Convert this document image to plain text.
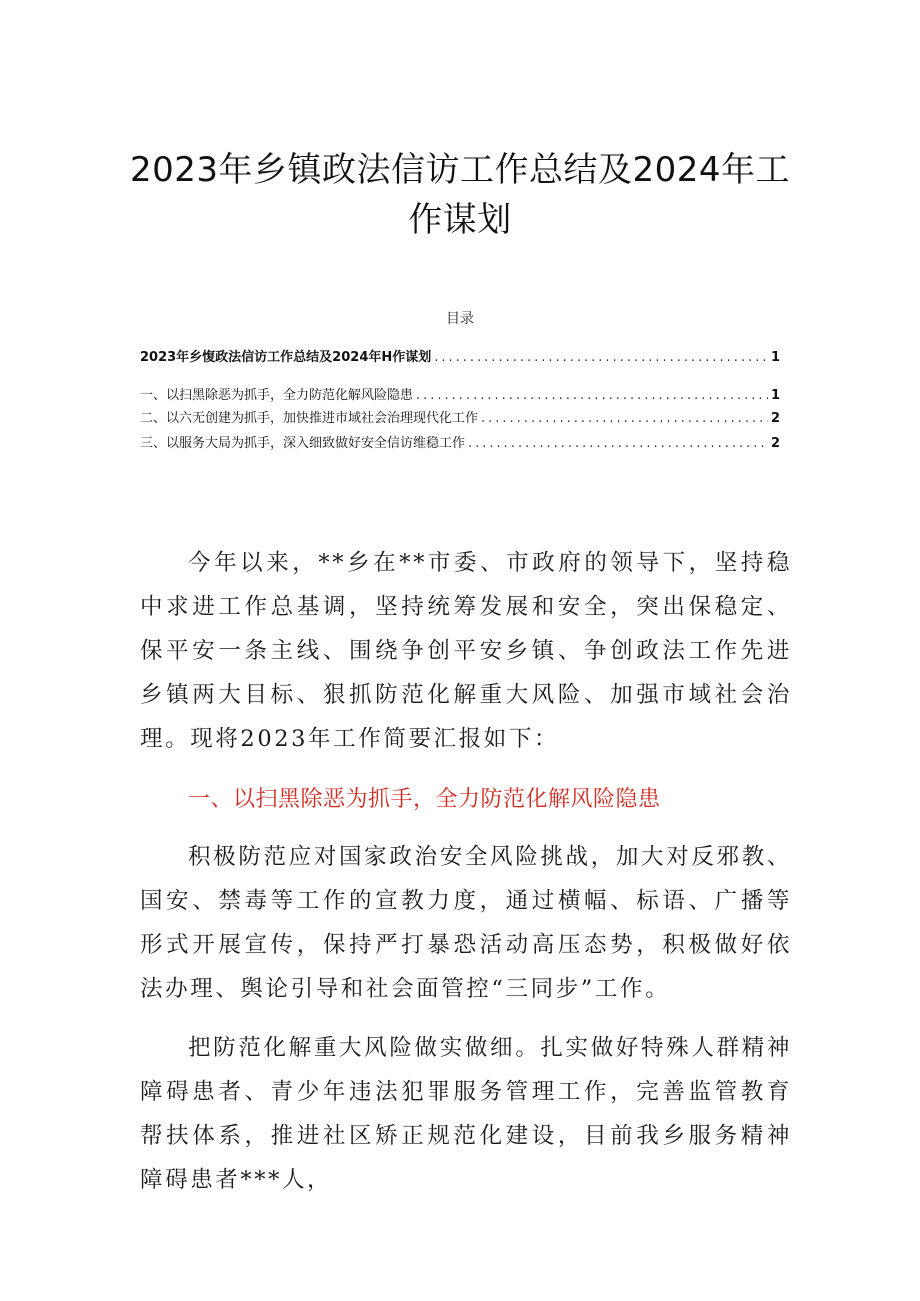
2023年乡镇政法信访工作总结及2024年工
作谋划
目录
2023年乡愎政法信访工作总结及2024年H作谋划 .....	1
一、以扫黑除恶为抓手，全力防范化解风险隐患 .....	1
二、以六无创建为抓手，加快推进市域社会治理现代化工作 .....	2
三、以服务大局为抓手，深入细致做好安全信访维稳工作 .....	2
今年以来，**乡在**市委、市政府的领导下，坚持稳中求进工作总基调，坚持统筹发展和安全，突出保稳定、保平安一条主线、围绕争创平安乡镇、争创政法工作先进乡镇两大目标、狠抓防范化解重大风险、加强市域社会治理。现将2023年工作简要汇报如下：
一、以扫黑除恶为抓手，全力防范化解风险隐患
积极防范应对国家政治安全风险挑战，加大对反邪教、国安、禁毒等工作的宣教力度，通过横幅、标语、广播等形式开展宣传，保持严打暴恐活动高压态势，积极做好依法办理、舆论引导和社会面管控“三同步”工作。
把防范化解重大风险做实做细。扎实做好特殊人群精神障碍患者、青少年违法犯罪服务管理工作，完善监管教育帮扶体系，推进社区矫正规范化建设，目前我乡服务精神障碍患者***人，
